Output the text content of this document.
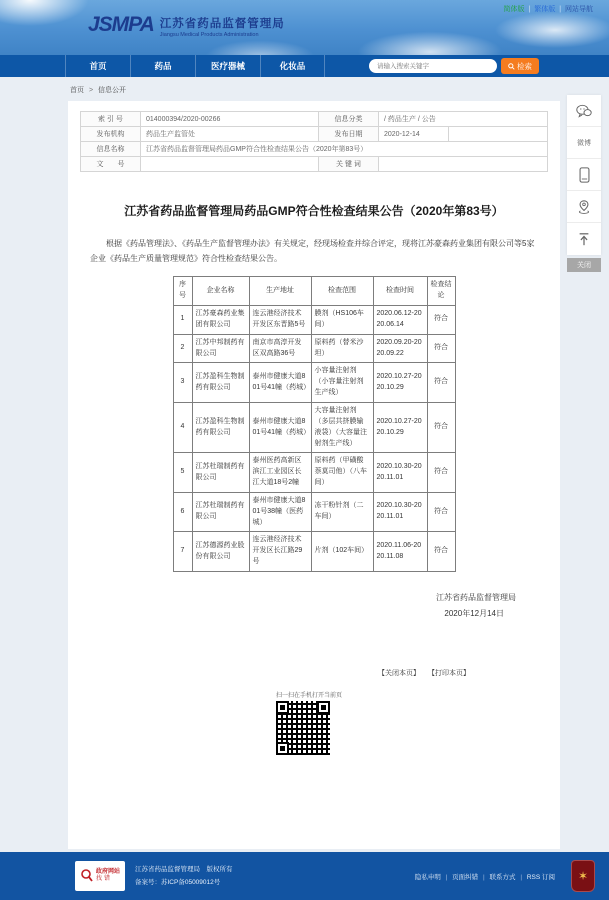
简体版 | 繁体版 | 网站导航
JSMPA 江苏省药品监督管理局
Jiangsu Medical Products Administration
首页	药品	医疗器械	化妆品
请输入搜索关键字	检索
首页 > 信息公开
索 引 号	014000394/2020-00266	信息分类	/ 药品生产 / 公告	
发布机构	药品生产监管处	发布日期	2020-12-14	
信息名称	江苏省药品监督管理局药品GMP符合性检查结果公告（2020年第83号）			
文　　号		关 键 词		
江苏省药品监督管理局药品GMP符合性检查结果公告（2020年第83号）

根据《药品管理法》、《药品生产监督管理办法》有关规定，经现场检查并综合评定，现将江苏豪森药业集团有限公司等5家企业《药品生产质量管理规范》符合性检查结果公告。

序号	企业名称	生产地址	检查范围	检查时间	检查结论
1	江苏豪森药业集团有限公司	连云港经济技术开发区东晋路5号	膜剂（HS106车间）	2020.06.12-2020.06.14	符合
2	江苏中邦制药有限公司	南京市高淳开发区双高路36号	原料药（替米沙坦）	2020.09.20-2020.09.22	符合
3	江苏盈科生物制药有限公司	泰州市健康大道801号41幢（药城）	小容量注射剂（小容量注射剂生产线）	2020.10.27-2020.10.29	符合
4	江苏盈科生物制药有限公司	泰州市健康大道801号41幢（药城）	大容量注射剂（多层共挤膜输液袋）（大容量注射剂生产线）	2020.10.27-2020.10.29	符合
5	江苏杜瑞制药有限公司	泰州医药高新区滨江工业园区长江大道18号2幢	原料药（甲磺酸萘莫司他）（八车间）	2020.10.30-2020.11.01	符合
6	江苏杜瑞制药有限公司	泰州市健康大道801号38幢（医药城）	冻干粉针剂（二车间）	2020.10.30-2020.11.01	符合
7	江苏德源药业股份有限公司	连云港经济技术开发区长江路29号	片剂（102车间）	2020.11.06-2020.11.08	符合
江苏省药品监督管理局
2020年12月14日
【关闭本页】 【打印本页】
扫一扫在手机打开当前页
微博
关闭
政府网站
找错
江苏省药品监督管理局　版权所有
备案号：苏ICP备05009012号
隐私申明 | 页面纠错 | 联系方式 | RSS 订阅	✶
